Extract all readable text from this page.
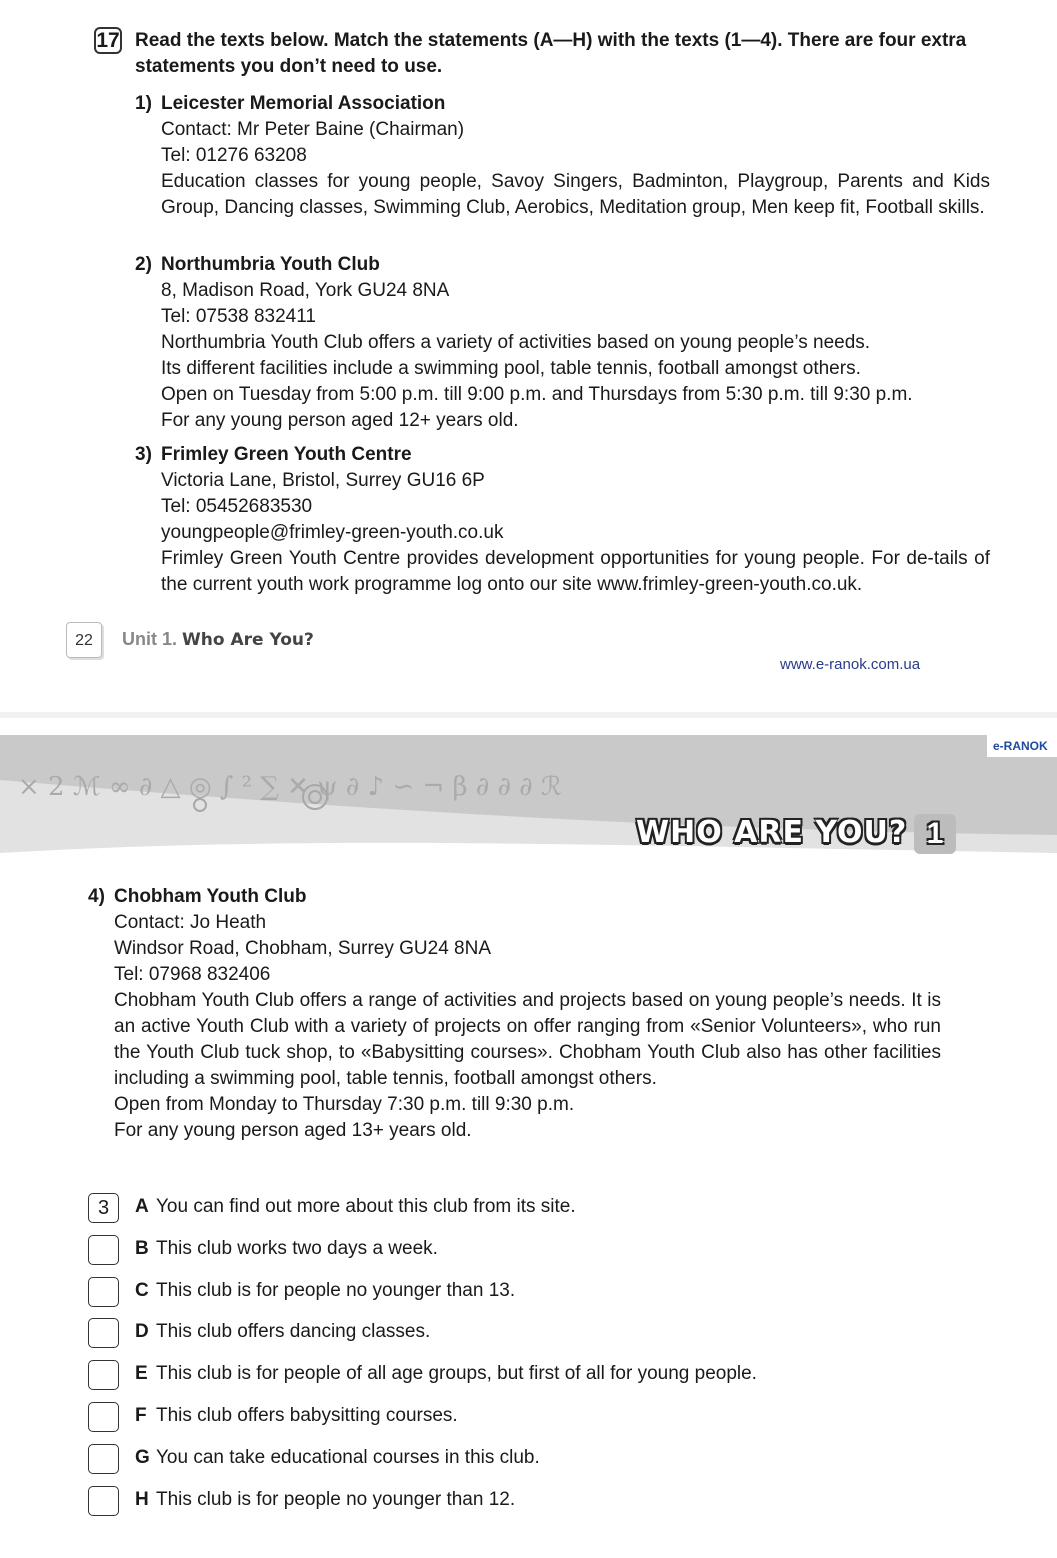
17 Read the texts below. Match the statements (A—H) with the texts (1—4). There are four extra statements you don’t need to use.
1) Leicester Memorial Association
Contact: Mr Peter Baine (Chairman)
Tel: 01276 63208
Education classes for young people, Savoy Singers, Badminton, Playgroup, Parents and Kids Group, Dancing classes, Swimming Club, Aerobics, Meditation group, Men keep fit, Football skills.
2) Northumbria Youth Club
8, Madison Road, York GU24 8NA
Tel: 07538 832411
Northumbria Youth Club offers a variety of activities based on young people’s needs.
Its different facilities include a swimming pool, table tennis, football amongst others.
Open on Tuesday from 5:00 p.m. till 9:00 p.m. and Thursdays from 5:30 p.m. till 9:30 p.m.
For any young person aged 12+ years old.
3) Frimley Green Youth Centre
Victoria Lane, Bristol, Surrey GU16 6P
Tel: 05452683530
youngpeople@frimley-green-youth.co.uk
Frimley Green Youth Centre provides development opportunities for young people. For de-tails of the current youth work programme log onto our site www.frimley-green-youth.co.uk.
22	Unit 1. Who Are You?
www.e-ranok.com.ua
× 2 ℳ ∞ ∂ △ ◎ ∫ ² ∑ ✕ ψ ∂ ♪ ∽ ¬ β ∂ ∂ ∂ ℛ
e-RANOK
WHO ARE YOU? 1
4) Chobham Youth Club
Contact: Jo Heath
Windsor Road, Chobham, Surrey GU24 8NA
Tel: 07968 832406
Chobham Youth Club offers a range of activities and projects based on young people’s needs. It is an active Youth Club with a variety of projects on offer ranging from «Senior Volunteers», who run the Youth Club tuck shop, to «Babysitting courses». Chobham Youth Club also has other facilities including a swimming pool, table tennis, football amongst others.
Open from Monday to Thursday 7:30 p.m. till 9:30 p.m.
For any young person aged 13+ years old.
3	A You can find out more about this club from its site.
B This club works two days a week.
C This club is for people no younger than 13.
D This club offers dancing classes.
E This club is for people of all age groups, but first of all for young people.
F This club offers babysitting courses.
G You can take educational courses in this club.
H This club is for people no younger than 12.
